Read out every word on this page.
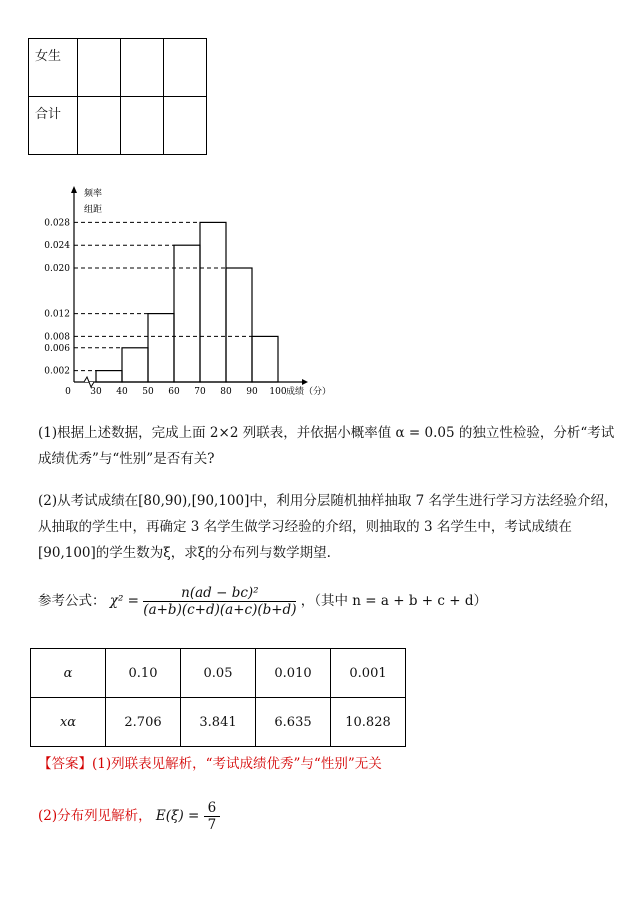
女生			
合计			
0.002
0.006
0.008
0.012
0.020
0.024
0.028
30 40 50 60 70 80 90 100
0
频率
组距
成绩（分）
(1)根据上述数据，完成上面 2×2 列联表，并依据小概率值 α = 0.05 的独立性检验，分析“考试成绩优秀”与“性别”是否有关?
(2)从考试成绩在[80,90),[90,100]中，利用分层随机抽样抽取 7 名学生进行学习方法经验介绍，从抽取的学生中，再确定 3 名学生做学习经验的介绍，则抽取的 3 名学生中，考试成绩在[90,100]的学生数为ξ，求ξ的分布列与数学期望.
参考公式： $\chi^2 = \frac{\text{n(ad − bc)²}}{(a+b)(c+d)(a+c)(b+d)}$ ，（其中 n = a + b + c + d）
α	0.10	0.05	0.010	0.001
xα	2.706	3.841	6.635	10.828
【答案】(1)列联表见解析，“考试成绩优秀”与“性别”无关
(2)分布列见解析， $E(\xi) = \frac{6}{7}$
